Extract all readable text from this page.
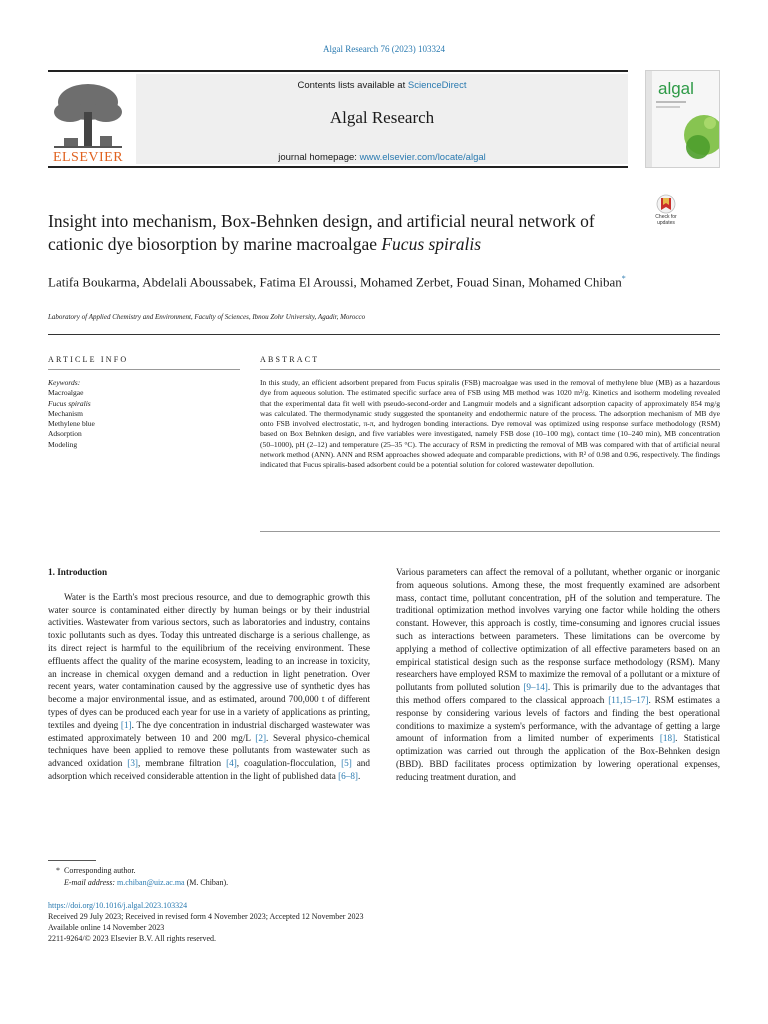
Algal Research 76 (2023) 103324
ELSEVIER
Contents lists available at ScienceDirect
Algal Research
journal homepage: www.elsevier.com/locate/algal
algal
Insight into mechanism, Box-Behnken design, and artificial neural network of cationic dye biosorption by marine macroalgae Fucus spiralis
Check for
updates
Latifa Boukarma, Abdelali Aboussabek, Fatima El Aroussi, Mohamed Zerbet, Fouad Sinan, Mohamed Chiban*
Laboratory of Applied Chemistry and Environment, Faculty of Sciences, Ibnou Zohr University, Agadir, Morocco
ARTICLE INFO
Keywords:
Macroalgae
Fucus spiralis
Mechanism
Methylene blue
Adsorption
Modeling
ABSTRACT
In this study, an efficient adsorbent prepared from Fucus spiralis (FSB) macroalgae was used in the removal of methylene blue (MB) as a hazardous dye from aqueous solution. The estimated specific surface area of FSB using MB method was 1020 m²/g. Kinetics and isotherm modeling revealed that the experimental data fit well with pseudo-second-order and Langmuir models and a significant adsorption capacity of approximately 854 mg/g was calculated. The thermodynamic study suggested the spontaneity and endothermic nature of the process. The adsorption mechanism of MB dye onto FSB involved electrostatic, π-π, and hydrogen bonding interactions. Dye removal was optimized using response surface methodology (RSM) based on Box Behnken design, and five variables were investigated, namely FSB dose (10–100 mg), contact time (10–240 min), MB concentration (50–1000), pH (2–12) and temperature (25–35 °C). The accuracy of RSM in predicting the removal of MB was compared with that of artificial neural network method (ANN). ANN and RSM approaches showed adequate and comparable predictions, with R² of 0.98 and 0.96, respectively. The findings indicated that Fucus spiralis-based adsorbent could be a potential solution for colored wastewater depollution.
1. Introduction

Water is the Earth's most precious resource, and due to demographic growth this water source is contaminated either directly by human beings or by their industrial activities. Wastewater from various sectors, such as laboratories and industry, contains toxic pollutants such as dyes. Today this untreated discharge is a serious challenge, as its direct reject is harmful to the equilibrium of the receiving environment. These effluents affect the quality of the marine ecosystem, leading to an increase in toxicity, an increase in chemical oxygen demand and a reduction in light penetration. Over recent years, water contamination caused by the aggressive use of synthetic dyes has become a major environmental issue, and as estimated, around 700,000 t of different types of dyes can be produced each year for use in a variety of applications as printing, textiles and dyeing [1]. The dye concentration in industrial discharged wastewater was estimated approximately between 10 and 200 mg/L [2]. Several physico-chemical techniques have been applied to remove these pollutants from wastewater such as advanced oxidation [3], membrane filtration [4], coagulation-flocculation, [5] and adsorption which received considerable attention in the light of published data [6–8].

Various parameters can affect the removal of a pollutant, whether organic or inorganic from aqueous solutions. Among these, the most frequently examined are adsorbent mass, contact time, pollutant concentration, pH of the solution and temperature. The traditional optimization method involves varying one factor while holding the others constant. However, this approach is costly, time-consuming and ignores crucial issues such as interactions between parameters. These limitations can be overcome by applying a method of collective optimization of all effective parameters based on an empirical statistical design such as the response surface methodology (RSM). Many researchers have employed RSM to maximize the removal of a pollutant or a mixture of pollutants from polluted solution [9–14]. This is primarily due to the advantages that this method offers compared to the classical approach [11,15–17]. RSM estimates a response by considering various levels of factors and finding the best operational conditions to maximize a system's performance, with the advantage of getting a large amount of information from a limited number of experiments [18]. Statistical optimization was carried out through the application of the Box-Behnken design (BBD). BBD facilitates process optimization by lowering operational expenses, reducing treatment duration, and

* Corresponding author.
E-mail address: m.chiban@uiz.ac.ma (M. Chiban).
https://doi.org/10.1016/j.algal.2023.103324
Received 29 July 2023; Received in revised form 4 November 2023; Accepted 12 November 2023
Available online 14 November 2023
2211-9264/© 2023 Elsevier B.V. All rights reserved.
